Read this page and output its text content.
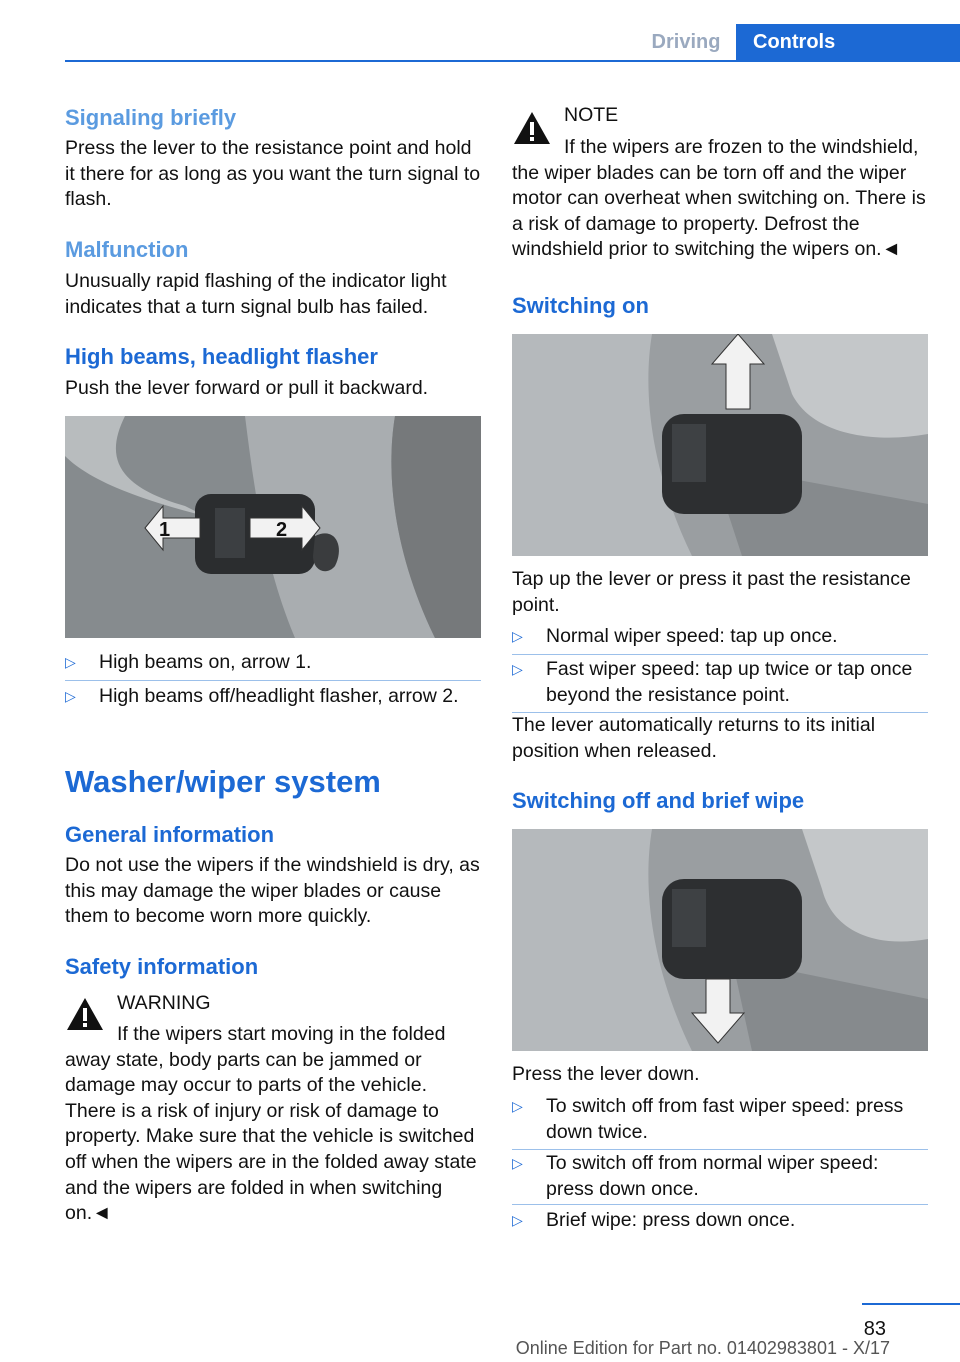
Driving	Controls
Signaling briefly
Press the lever to the resistance point and hold it there for as long as you want the turn signal to flash.
Malfunction
Unusually rapid flashing of the indicator light indicates that a turn signal bulb has failed.
High beams, headlight flasher
Push the lever forward or pull it backward.
1	2
▷	High beams on, arrow 1.
▷	High beams off/headlight flasher, arrow 2.
Washer/wiper system
General information
Do not use the wipers if the windshield is dry, as this may damage the wiper blades or cause them to become worn more quickly.
Safety information
WARNING
If the wipers start moving in the folded away state, body parts can be jammed or damage may occur to parts of the vehicle. There is a risk of injury or risk of damage to property. Make sure that the vehicle is switched off when the wipers are in the folded away state and the wipers are folded in when switching on.◄
NOTE
If the wipers are frozen to the windshield, the wiper blades can be torn off and the wiper motor can overheat when switching on. There is a risk of damage to property. Defrost the windshield prior to switching the wipers on.◄
Switching on
Tap up the lever or press it past the resistance point.
▷	Normal wiper speed: tap up once.
▷	Fast wiper speed: tap up twice or tap once beyond the resistance point.
The lever automatically returns to its initial position when released.
Switching off and brief wipe
Press the lever down.
▷	To switch off from fast wiper speed: press down twice.
▷	To switch off from normal wiper speed: press down once.
▷	Brief wipe: press down once.
83
Online Edition for Part no. 01402983801 - X/17
